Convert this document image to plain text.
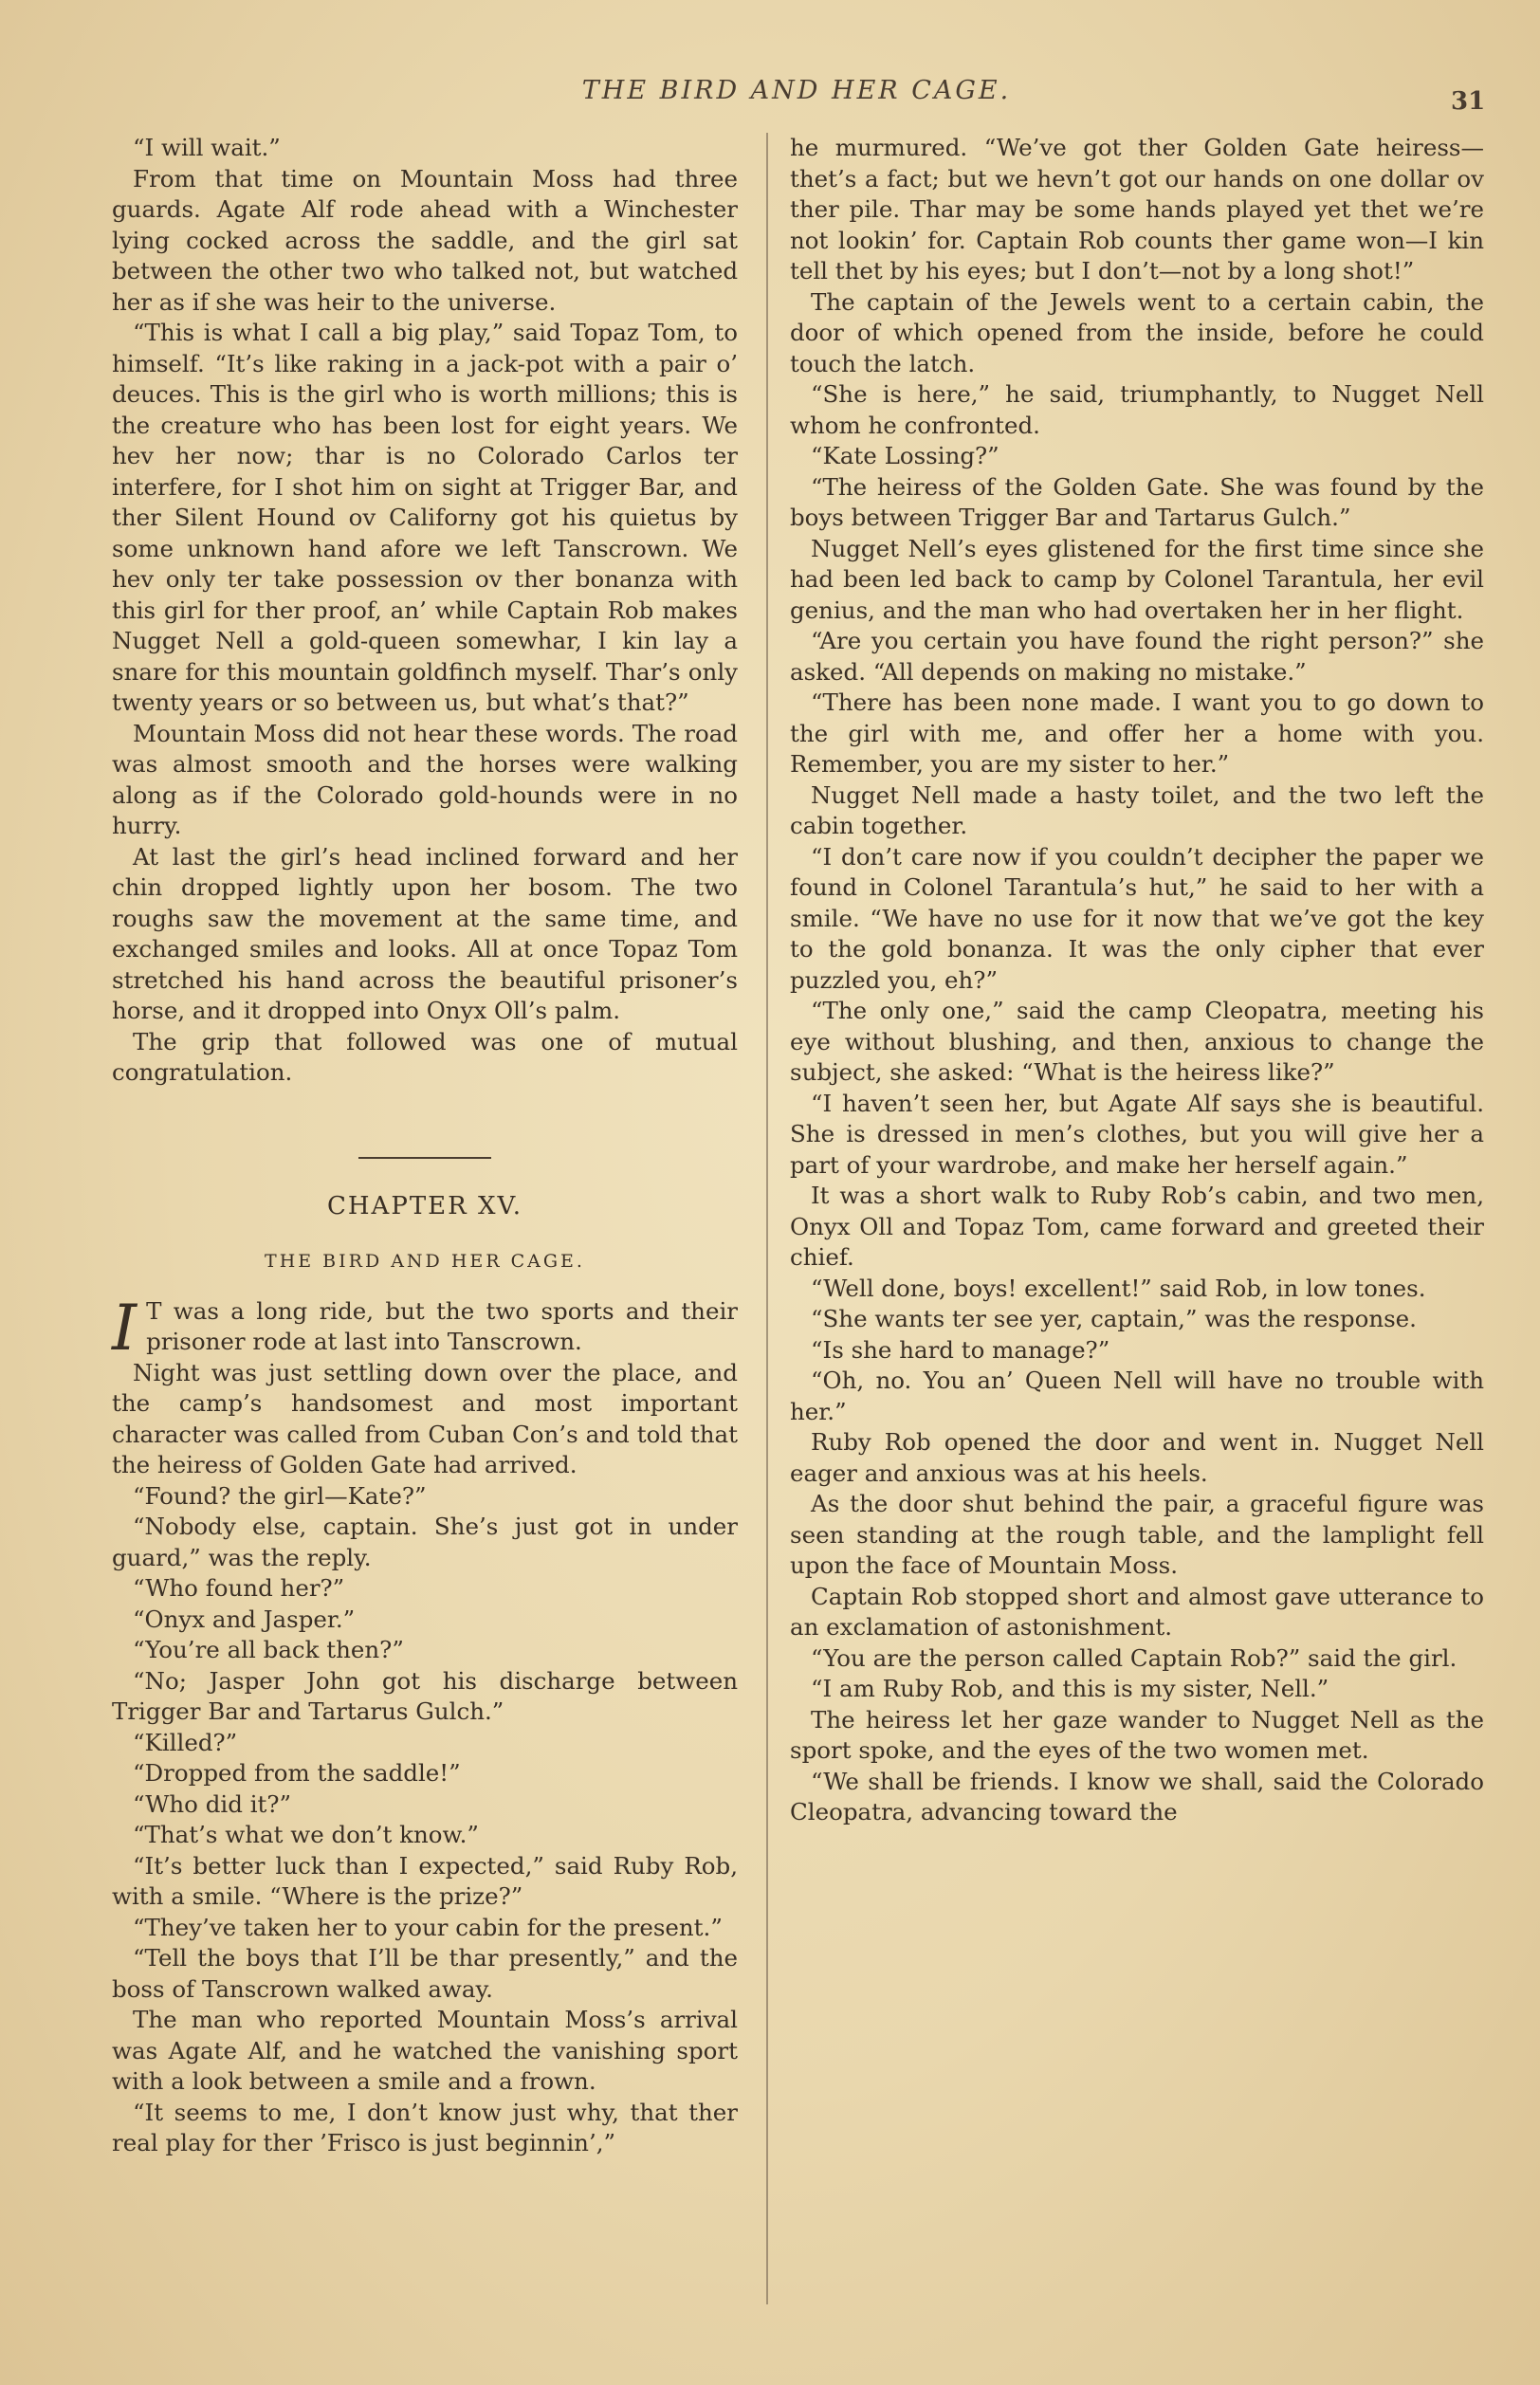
THE BIRD AND HER CAGE.	31

“I will wait.”

From that time on Mountain Moss had three guards. Agate Alf rode ahead with a Winchester lying cocked across the saddle, and the girl sat between the other two who talked not, but watched her as if she was heir to the universe.

“This is what I call a big play,” said Topaz Tom, to himself. “It’s like raking in a jack-pot with a pair o’ deuces. This is the girl who is worth millions; this is the creature who has been lost for eight years. We hev her now; thar is no Colorado Carlos ter interfere, for I shot him on sight at Trigger Bar, and ther Silent Hound ov Californy got his quietus by some unknown hand afore we left Tanscrown. We hev only ter take possession ov ther bonanza with this girl for ther proof, an’ while Captain Rob makes Nugget Nell a gold-queen somewhar, I kin lay a snare for this mountain goldfinch myself. Thar’s only twenty years or so between us, but what’s that?”

Mountain Moss did not hear these words. The road was almost smooth and the horses were walking along as if the Colorado gold-hounds were in no hurry.

At last the girl’s head inclined forward and her chin dropped lightly upon her bosom. The two roughs saw the movement at the same time, and exchanged smiles and looks. All at once Topaz Tom stretched his hand across the beautiful prisoner’s horse, and it dropped into Onyx Oll’s palm.

The grip that followed was one of mutual congratulation.

CHAPTER XV.
THE BIRD AND HER CAGE.

I T was a long ride, but the two sports and their prisoner rode at last into Tanscrown.

Night was just settling down over the place, and the camp’s handsomest and most important character was called from Cuban Con’s and told that the heiress of Golden Gate had arrived.

“Found? the girl—Kate?”

“Nobody else, captain. She’s just got in under guard,” was the reply.

“Who found her?”

“Onyx and Jasper.”

“You’re all back then?”

“No; Jasper John got his discharge between Trigger Bar and Tartarus Gulch.”

“Killed?”

“Dropped from the saddle!”

“Who did it?”

“That’s what we don’t know.”

“It’s better luck than I expected,” said Ruby Rob, with a smile. “Where is the prize?”

“They’ve taken her to your cabin for the present.”

“Tell the boys that I’ll be thar presently,” and the boss of Tanscrown walked away.

The man who reported Mountain Moss’s arrival was Agate Alf, and he watched the vanishing sport with a look between a smile and a frown.

“It seems to me, I don’t know just why, that ther real play for ther ’Frisco is just beginnin’,”

he murmured. “We’ve got ther Golden Gate heiress—thet’s a fact; but we hevn’t got our hands on one dollar ov ther pile. Thar may be some hands played yet thet we’re not lookin’ for. Captain Rob counts ther game won—I kin tell thet by his eyes; but I don’t—not by a long shot!”

The captain of the Jewels went to a certain cabin, the door of which opened from the inside, before he could touch the latch.

“She is here,” he said, triumphantly, to Nugget Nell whom he confronted.

“Kate Lossing?”

“The heiress of the Golden Gate. She was found by the boys between Trigger Bar and Tartarus Gulch.”

Nugget Nell’s eyes glistened for the first time since she had been led back to camp by Colonel Tarantula, her evil genius, and the man who had overtaken her in her flight.

“Are you certain you have found the right person?” she asked. “All depends on making no mistake.”

“There has been none made. I want you to go down to the girl with me, and offer her a home with you. Remember, you are my sister to her.”

Nugget Nell made a hasty toilet, and the two left the cabin together.

“I don’t care now if you couldn’t decipher the paper we found in Colonel Tarantula’s hut,” he said to her with a smile. “We have no use for it now that we’ve got the key to the gold bonanza. It was the only cipher that ever puzzled you, eh?”

“The only one,” said the camp Cleopatra, meeting his eye without blushing, and then, anxious to change the subject, she asked: “What is the heiress like?”

“I haven’t seen her, but Agate Alf says she is beautiful. She is dressed in men’s clothes, but you will give her a part of your wardrobe, and make her herself again.”

It was a short walk to Ruby Rob’s cabin, and two men, Onyx Oll and Topaz Tom, came forward and greeted their chief.

“Well done, boys! excellent!” said Rob, in low tones.

“She wants ter see yer, captain,” was the response.

“Is she hard to manage?”

“Oh, no. You an’ Queen Nell will have no trouble with her.”

Ruby Rob opened the door and went in. Nugget Nell eager and anxious was at his heels.

As the door shut behind the pair, a graceful figure was seen standing at the rough table, and the lamplight fell upon the face of Mountain Moss.

Captain Rob stopped short and almost gave utterance to an exclamation of astonishment.

“You are the person called Captain Rob?” said the girl.

“I am Ruby Rob, and this is my sister, Nell.”

The heiress let her gaze wander to Nugget Nell as the sport spoke, and the eyes of the two women met.

“We shall be friends. I know we shall, said the Colorado Cleopatra, advancing toward the
